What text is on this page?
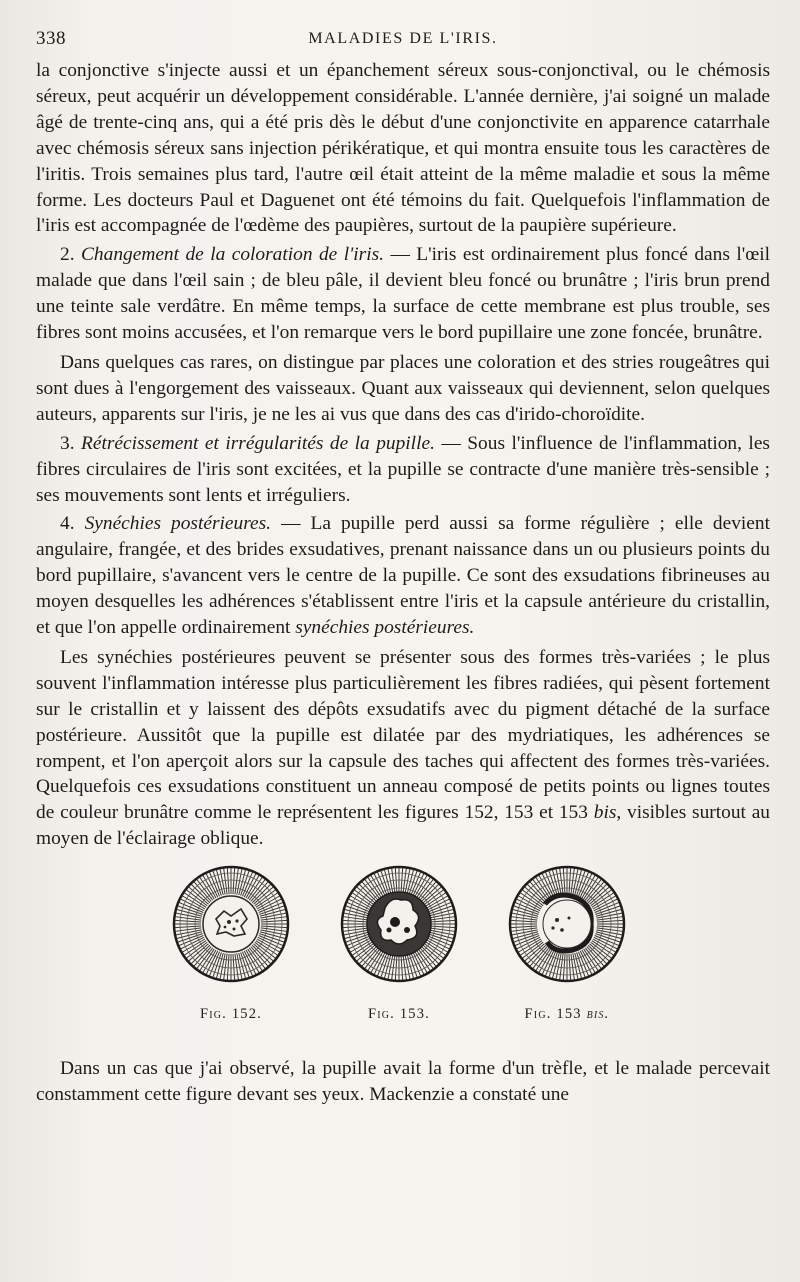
338	MALADIES DE L'IRIS.

la conjonctive s'injecte aussi et un épanchement séreux sous-conjonctival, ou le chémosis séreux, peut acquérir un développement considérable. L'année dernière, j'ai soigné un malade âgé de trente-cinq ans, qui a été pris dès le début d'une conjonctivite en apparence catarrhale avec chémosis séreux sans injection périkératique, et qui montra ensuite tous les caractères de l'iritis. Trois semaines plus tard, l'autre œil était atteint de la même maladie et sous la même forme. Les docteurs Paul et Daguenet ont été témoins du fait. Quelquefois l'inflammation de l'iris est accompagnée de l'œdème des paupières, surtout de la paupière supérieure.

2. Changement de la coloration de l'iris. — L'iris est ordinairement plus foncé dans l'œil malade que dans l'œil sain ; de bleu pâle, il devient bleu foncé ou brunâtre ; l'iris brun prend une teinte sale verdâtre. En même temps, la surface de cette membrane est plus trouble, ses fibres sont moins accusées, et l'on remarque vers le bord pupillaire une zone foncée, brunâtre.

Dans quelques cas rares, on distingue par places une coloration et des stries rougeâtres qui sont dues à l'engorgement des vaisseaux. Quant aux vaisseaux qui deviennent, selon quelques auteurs, apparents sur l'iris, je ne les ai vus que dans des cas d'irido-choroïdite.

3. Rétrécissement et irrégularités de la pupille. — Sous l'influence de l'inflammation, les fibres circulaires de l'iris sont excitées, et la pupille se contracte d'une manière très-sensible ; ses mouvements sont lents et irréguliers.

4. Synéchies postérieures. — La pupille perd aussi sa forme régulière ; elle devient angulaire, frangée, et des brides exsudatives, prenant naissance dans un ou plusieurs points du bord pupillaire, s'avancent vers le centre de la pupille. Ce sont des exsudations fibrineuses au moyen desquelles les adhérences s'établissent entre l'iris et la capsule antérieure du cristallin, et que l'on appelle ordinairement synéchies postérieures.

Les synéchies postérieures peuvent se présenter sous des formes très-variées ; le plus souvent l'inflammation intéresse plus particulièrement les fibres radiées, qui pèsent fortement sur le cristallin et y laissent des dépôts exsudatifs avec du pigment détaché de la surface postérieure. Aussitôt que la pupille est dilatée par des mydriatiques, les adhérences se rompent, et l'on aperçoit alors sur la capsule des taches qui affectent des formes très-variées. Quelquefois ces exsudations constituent un anneau composé de petits points ou lignes toutes de couleur brunâtre comme le représentent les figures 152, 153 et 153 bis, visibles surtout au moyen de l'éclairage oblique.

Fig. 152.	Fig. 153.	Fig. 153 bis.

Dans un cas que j'ai observé, la pupille avait la forme d'un trèfle, et le malade percevait constamment cette figure devant ses yeux. Mackenzie a constaté une
